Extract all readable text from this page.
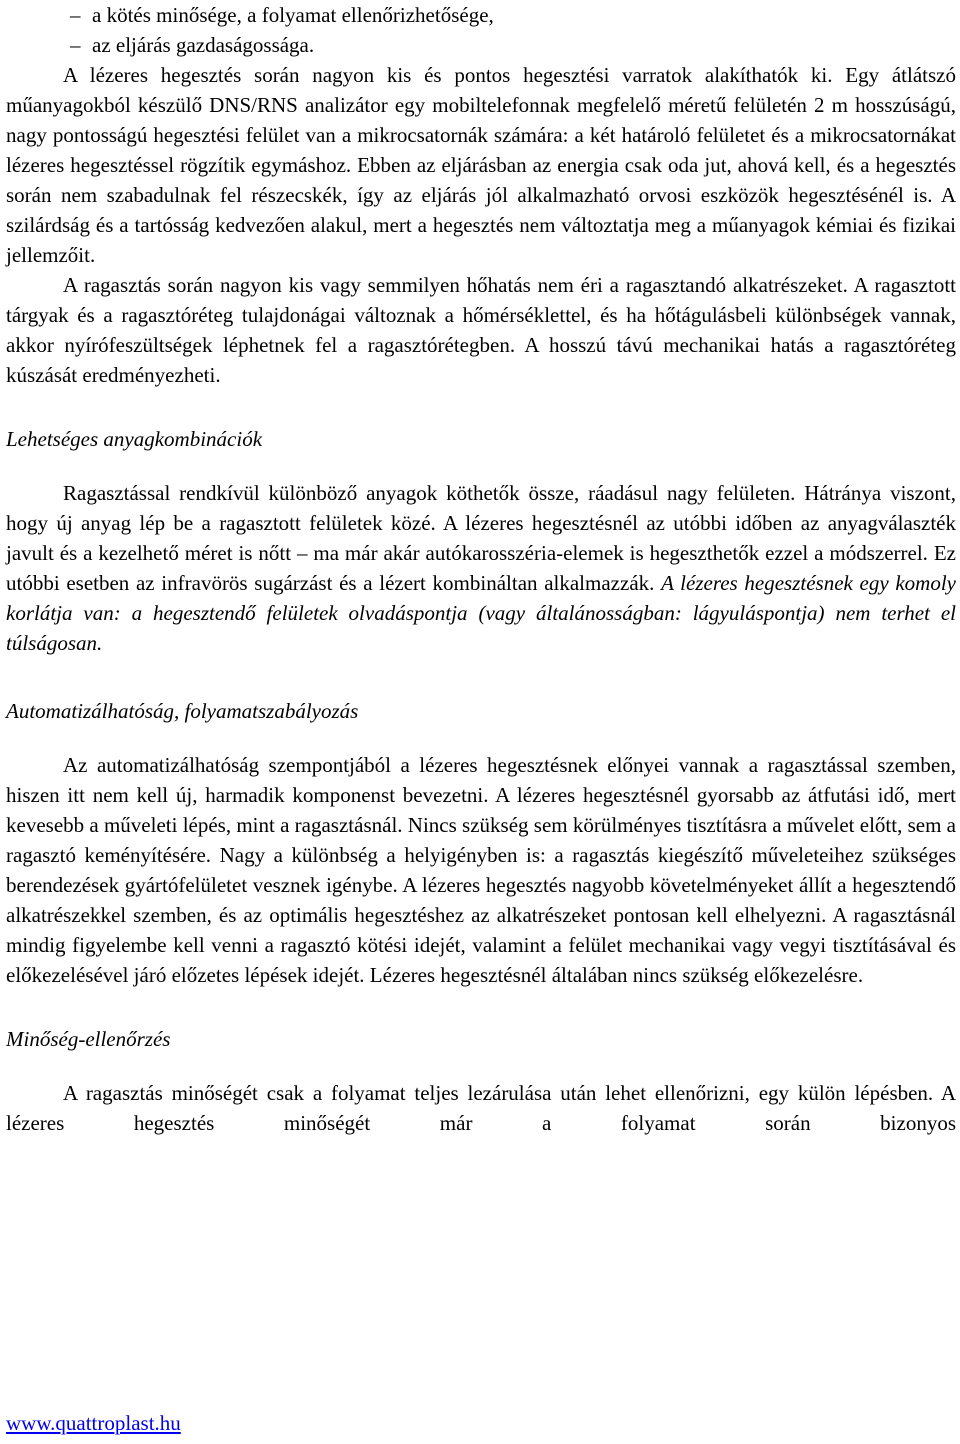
– a kötés minősége, a folyamat ellenőrizhetősége,
– az eljárás gazdaságossága.

A lézeres hegesztés során nagyon kis és pontos hegesztési varratok alakíthatók ki. Egy átlátszó műanyagokból készülő DNS/RNS analizátor egy mobiltelefonnak megfelelő méretű felületén 2 m hosszúságú, nagy pontosságú hegesztési felület van a mikrocsatornák számára: a két határoló felületet és a mikrocsatornákat lézeres hegesztéssel rögzítik egymáshoz. Ebben az eljárásban az energia csak oda jut, ahová kell, és a hegesztés során nem szabadulnak fel részecskék, így az eljárás jól alkalmazható orvosi eszközök hegesztésénél is. A szilárdság és a tartósság kedvezően alakul, mert a hegesztés nem változtatja meg a műanyagok kémiai és fizikai jellemzőit.

A ragasztás során nagyon kis vagy semmilyen hőhatás nem éri a ragasztandó alkatrészeket. A ragasztott tárgyak és a ragasztóréteg tulajdonágai változnak a hőmérséklettel, és ha hőtágulásbeli különbségek vannak, akkor nyírófeszültségek léphetnek fel a ragasztórétegben. A hosszú távú mechanikai hatás a ragasztóréteg kúszását eredményezheti.

Lehetséges anyagkombinációk

Ragasztással rendkívül különböző anyagok köthetők össze, ráadásul nagy felületen. Hátránya viszont, hogy új anyag lép be a ragasztott felületek közé. A lézeres hegesztésnél az utóbbi időben az anyagválaszték javult és a kezelhető méret is nőtt – ma már akár autókarosszéria-elemek is hegeszthetők ezzel a módszerrel. Ez utóbbi esetben az infravörös sugárzást és a lézert kombináltan alkalmazzák. A lézeres hegesztésnek egy komoly korlátja van: a hegesztendő felületek olvadáspontja (vagy általánosságban: lágyuláspontja) nem terhet el túlságosan.

Automatizálhatóság, folyamatszabályozás

Az automatizálhatóság szempontjából a lézeres hegesztésnek előnyei vannak a ragasztással szemben, hiszen itt nem kell új, harmadik komponenst bevezetni. A lézeres hegesztésnél gyorsabb az átfutási idő, mert kevesebb a műveleti lépés, mint a ragasztásnál. Nincs szükség sem körülményes tisztításra a művelet előtt, sem a ragasztó keményítésére. Nagy a különbség a helyigényben is: a ragasztás kiegészítő műveleteihez szükséges berendezések gyártófelületet vesznek igénybe. A lézeres hegesztés nagyobb követelményeket állít a hegesztendő alkatrészekkel szemben, és az optimális hegesztéshez az alkatrészeket pontosan kell elhelyezni. A ragasztásnál mindig figyelembe kell venni a ragasztó kötési idejét, valamint a felület mechanikai vagy vegyi tisztításával és előkezelésével járó előzetes lépések idejét. Lézeres hegesztésnél általában nincs szükség előkezelésre.

Minőség-ellenőrzés

A ragasztás minőségét csak a folyamat teljes lezárulása után lehet ellenőrizni, egy külön lépésben. A lézeres hegesztés minőségét már a folyamat során bizonyos

www.quattroplast.hu
